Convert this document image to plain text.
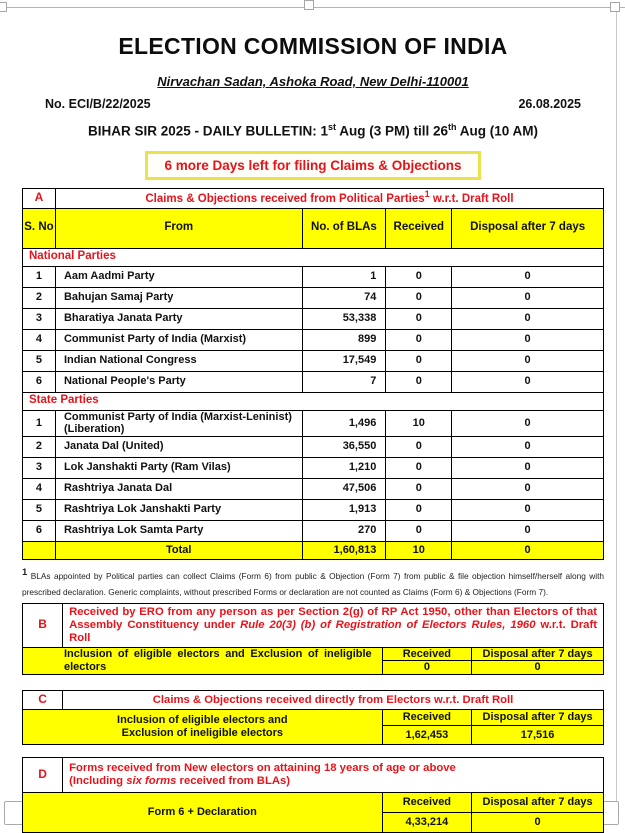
ELECTION COMMISSION OF INDIA
Nirvachan Sadan, Ashoka Road, New Delhi-110001
No. ECI/B/22/2025	26.08.2025
BIHAR SIR 2025 - DAILY BULLETIN: 1st Aug (3 PM) till 26th Aug (10 AM)
6 more Days left for filing Claims & Objections
A	Claims & Objections received from Political Parties$^1$ w.r.t. Draft Roll			
S. No	From	No. of BLAs	Received	Disposal after 7 days
National Parties				
1	Aam Aadmi Party	1	0	0
2	Bahujan Samaj Party	74	0	0
3	Bharatiya Janata Party	53,338	0	0
4	Communist Party of India (Marxist)	899	0	0
5	Indian National Congress	17,549	0	0
6	National People's Party	7	0	0
State Parties				
1	Communist Party of India (Marxist-Leninist) (Liberation)	1,496	10	0
2	Janata Dal (United)	36,550	0	0
3	Lok Janshakti Party (Ram Vilas)	1,210	0	0
4	Rashtriya Janata Dal	47,506	0	0
5	Rashtriya Lok Janshakti Party	1,913	0	0
6	Rashtriya Lok Samta Party	270	0	0
	Total	1,60,813	10	0
$^1$ BLAs appointed by Political parties can collect Claims (Form 6) from public & Objection (Form 7) from public & file objection himself/herself along with prescribed declaration. Generic complaints, without prescribed Forms or declaration are not counted as Claims (Form 6) & Objections (Form 7).
B	Received by ERO from any person as per Section 2(g) of RP Act 1950, other than Electors of that Assembly Constituency under Rule 20(3) (b) of Registration of Electors Rules, 1960 w.r.t. Draft Roll		
Inclusion of eligible electors and Exclusion of ineligible electors		Received	Disposal after 7 days
		0	0
C	Claims & Objections received directly from Electors w.r.t. Draft Roll		

Inclusion of eligible electors and
Exclusion of ineligible electors		Received	Disposal after 7 days
		1,62,453	17,516
D	Forms received from New electors on attaining 18 years of age or above
(Including six forms received from BLAs)		

Form 6 + Declaration		Received	Disposal after 7 days
		4,33,214	0
